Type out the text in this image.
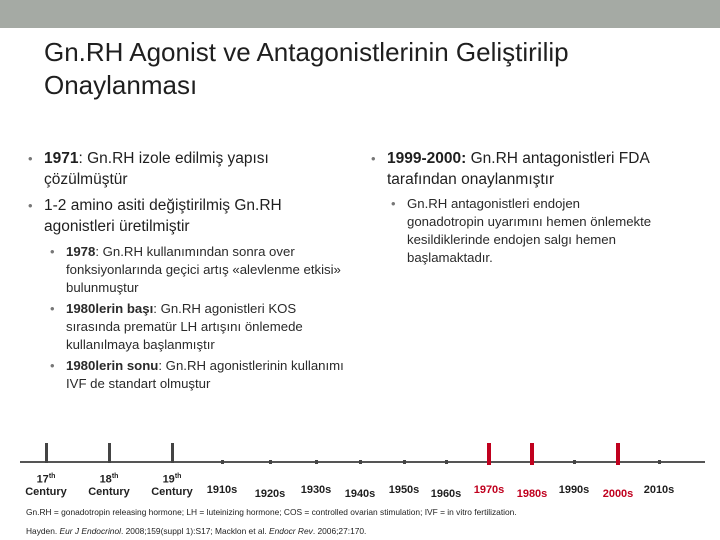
Gn.RH Agonist ve Antagonistlerinin Geliştirilip
Onaylanması
• 1971: Gn.RH izole edilmiş yapısı çözülmüştür
• 1-2 amino asiti değiştirilmiş Gn.RH agonistleri üretilmiştir
• 1978: Gn.RH kullanımından sonra over fonksiyonlarında geçici artış «alevlenme etkisi» bulunmuştur
• 1980lerin başı: Gn.RH agonistleri KOS sırasında prematür LH artışını önlemede kullanılmaya başlanmıştır
• 1980lerin sonu: Gn.RH agonistlerinin kullanımı IVF de standart olmuştur
• 1999-2000: Gn.RH antagonistleri FDA tarafından onaylanmıştır
• Gn.RH antagonistleri endojen gonadotropin uyarımını hemen önlemekte kesildiklerinde endojen salgı hemen başlamaktadır.
17th
Century
18th
Century
19th
Century	1910s	1920s	1930s	1940s	1950s	1960s	1970s	1980s	1990s	2000s 2010s
Gn.RH = gonadotropin releasing hormone; LH = luteinizing hormone; COS = controlled ovarian stimulation; IVF = in vitro fertilization.
Hayden. Eur J Endocrinol. 2008;159(suppl 1):S17; Macklon et al. Endocr Rev. 2006;27:170.
